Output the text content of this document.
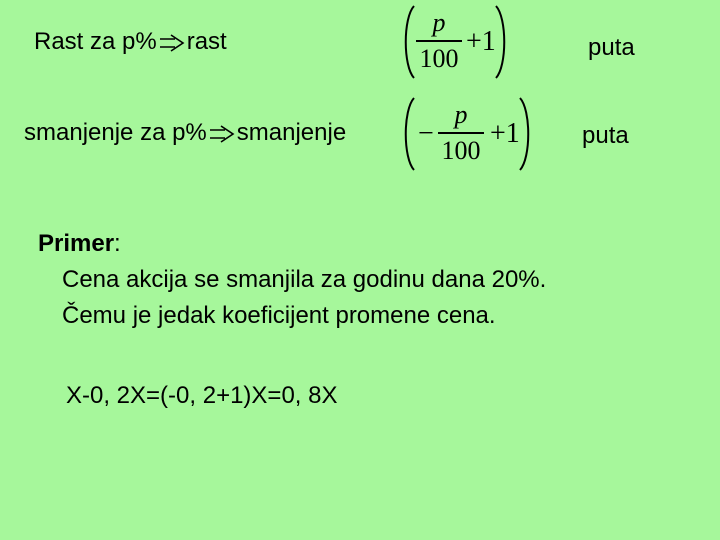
Rast za p% rast
p
100
+1	puta
smanjenje za p% smanjenje	−
p
100
+1	puta
Primer:
Cena akcija se smanjila za godinu dana 20%.
Čemu je jedak koeficijent promene cena.
X-0, 2X=(-0, 2+1)X=0, 8X
